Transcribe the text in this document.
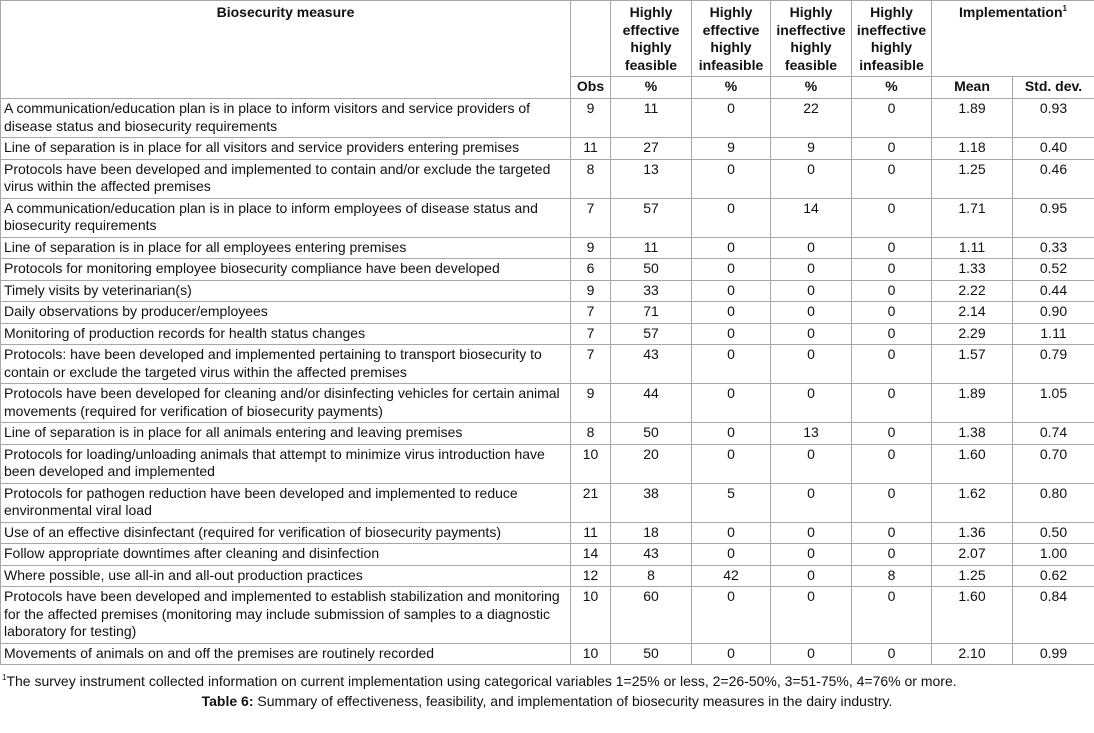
Biosecurity measure		Highly effective highly feasible	Highly effective highly infeasible	Highly ineffective highly feasible	Highly ineffective highly infeasible	Implementation$^1$
	Obs	%	%	%	%	Mean	Std. dev.
A communication/education plan is in place to inform visitors and service providers of disease status and biosecurity requirements	9	11	0	22	0	1.89	0.93
Line of separation is in place for all visitors and service providers entering premises	11	27	9	9	0	1.18	0.40
Protocols have been developed and implemented to contain and/or exclude the targeted virus within the affected premises	8	13	0	0	0	1.25	0.46
A communication/education plan is in place to inform employees of disease status and biosecurity requirements	7	57	0	14	0	1.71	0.95
Line of separation is in place for all employees entering premises	9	11	0	0	0	1.11	0.33
Protocols for monitoring employee biosecurity compliance have been developed	6	50	0	0	0	1.33	0.52
Timely visits by veterinarian(s)	9	33	0	0	0	2.22	0.44
Daily observations by producer/employees	7	71	0	0	0	2.14	0.90
Monitoring of production records for health status changes	7	57	0	0	0	2.29	1.11
Protocols: have been developed and implemented pertaining to transport biosecurity to contain or exclude the targeted virus within the affected premises	7	43	0	0	0	1.57	0.79
Protocols have been developed for cleaning and/or disinfecting vehicles for certain animal movements (required for verification of biosecurity payments)	9	44	0	0	0	1.89	1.05
Line of separation is in place for all animals entering and leaving premises	8	50	0	13	0	1.38	0.74
Protocols for loading/unloading animals that attempt to minimize virus introduction have been developed and implemented	10	20	0	0	0	1.60	0.70
Protocols for pathogen reduction have been developed and implemented to reduce environmental viral load	21	38	5	0	0	1.62	0.80
Use of an effective disinfectant (required for verification of biosecurity payments)	11	18	0	0	0	1.36	0.50
Follow appropriate downtimes after cleaning and disinfection	14	43	0	0	0	2.07	1.00
Where possible, use all-in and all-out production practices	12	8	42	0	8	1.25	0.62
Protocols have been developed and implemented to establish stabilization and monitoring for the affected premises (monitoring may include submission of samples to a diagnostic laboratory for testing)	10	60	0	0	0	1.60	0.84
Movements of animals on and off the premises are routinely recorded	10	50	0	0	0	2.10	0.99
$^1$The survey instrument collected information on current implementation using categorical variables 1=25% or less, 2=26-50%, 3=51-75%, 4=76% or more.
Table 6: Summary of effectiveness, feasibility, and implementation of biosecurity measures in the dairy industry.
